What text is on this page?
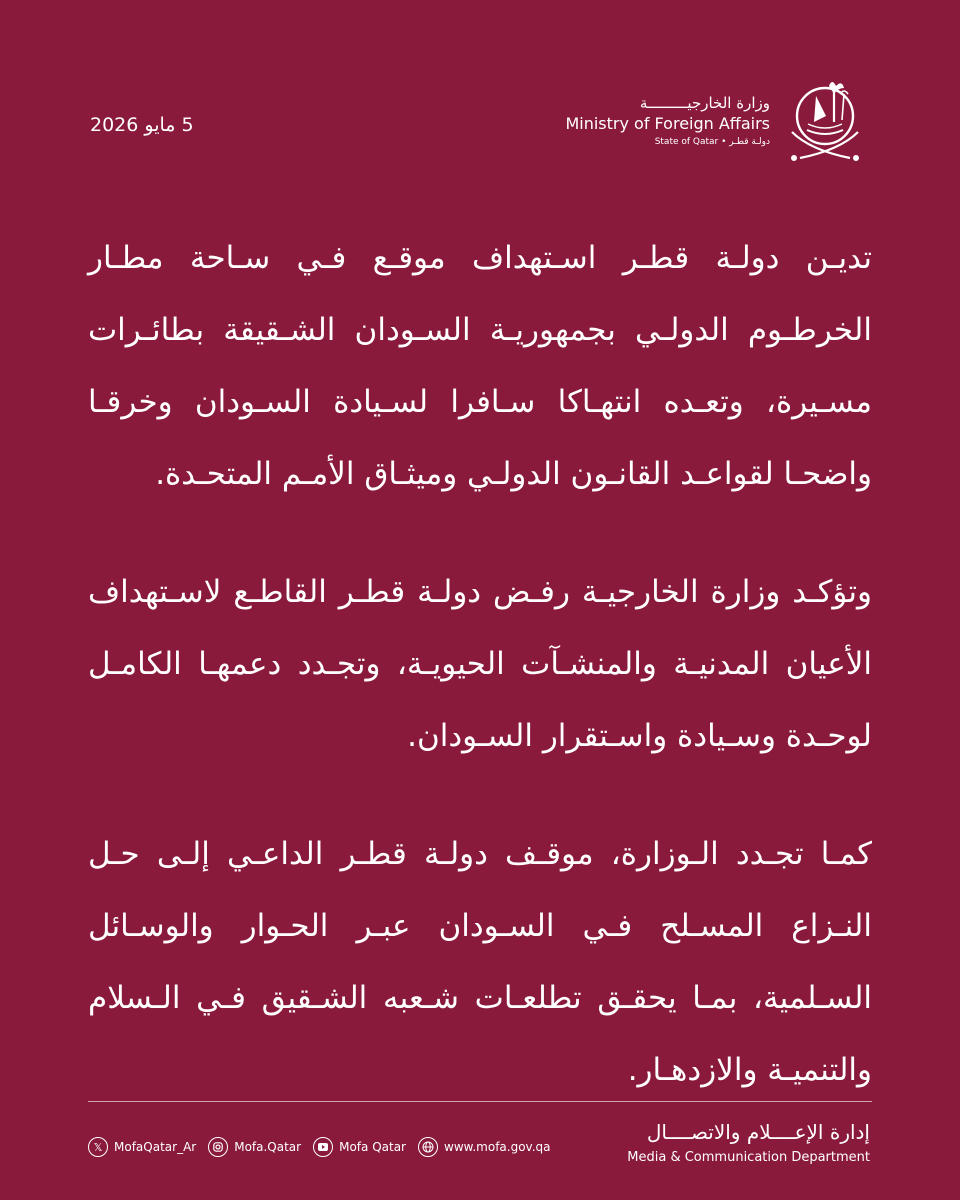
5 مايو 2026
وزارة الخارجيـــــــــة
Ministry of Foreign Affairs
State of Qatar • دولـة قطـر

تديـن دولـة قطـر اسـتهداف موقـع فـي سـاحة مطـار الخرطـوم الدولـي بجمهوريـة السـودان الشـقيقة بطائـرات مسـيرة، وتعـده انتهـاكا سـافرا لسـيادة السـودان وخرقـا واضحـا لقواعـد القانـون الدولـي وميثـاق الأمـم المتحـدة.

وتؤكـد وزارة الخارجيـة رفـض دولـة قطـر القاطـع لاسـتهداف الأعيان المدنيـة والمنشـآت الحيويـة، وتجـدد دعمهـا الكامـل لوحـدة وسـيادة واسـتقرار السـودان.

كمـا تجـدد الـوزارة، موقـف دولـة قطـر الداعـي إلـى حـل النـزاع المسـلح فـي السـودان عبـر الحـوار والوسـائل السـلمية، بمـا يحقـق تطلعـات شـعبه الشـقيق فـي الـسلام والتنميـة والازدهـار.

إدارة الإعــــلام والاتصــــال
Media & Communication Department
𝕏 MofaQatar_Ar	Mofa.Qatar	Mofa Qatar	www.mofa.gov.qa
